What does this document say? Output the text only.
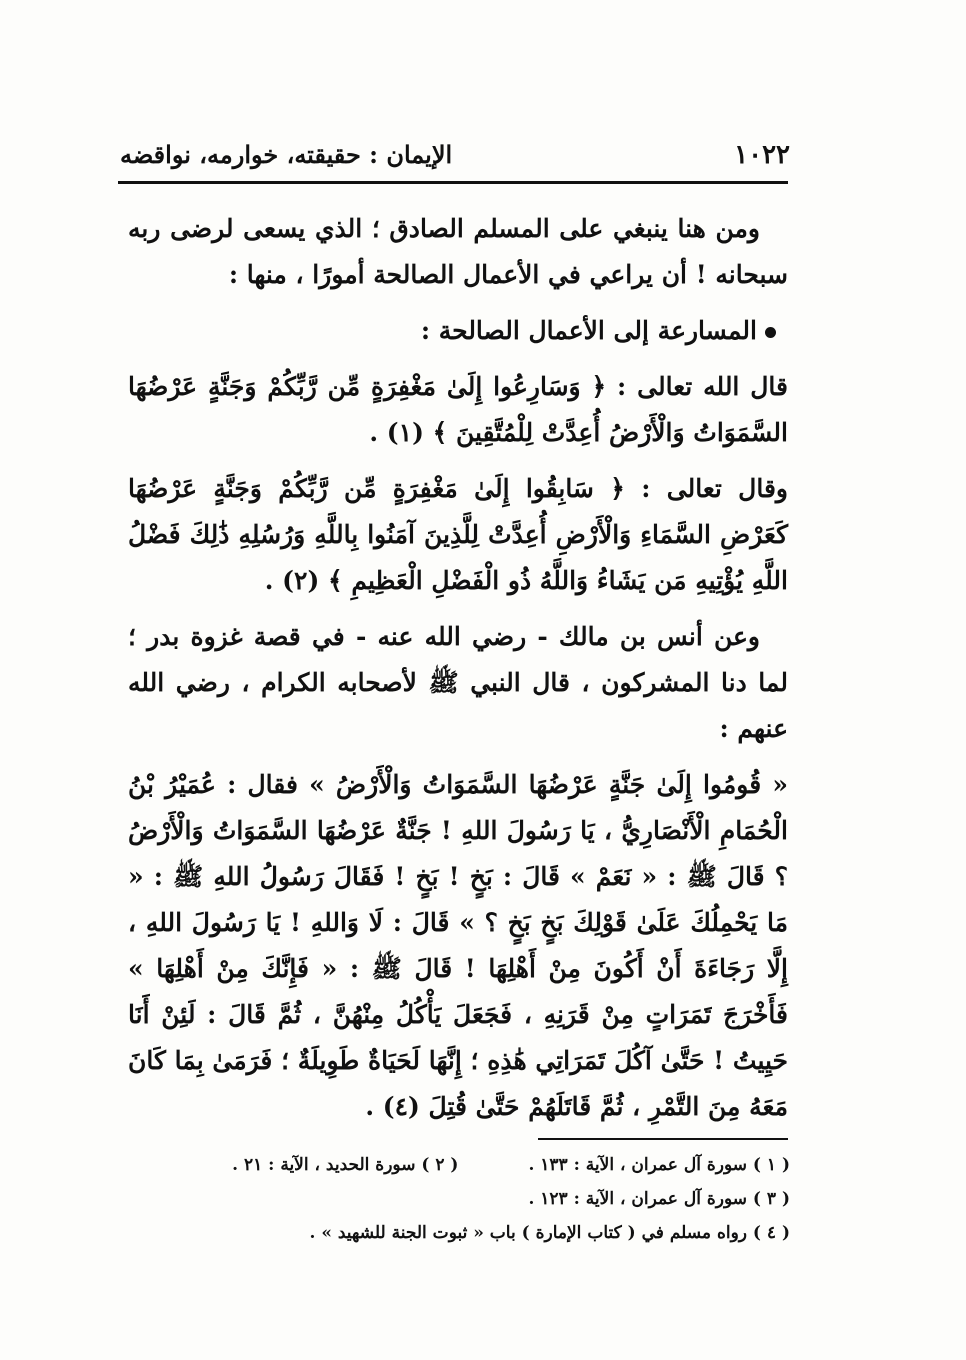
١٠٢٢
الإيمان : حقيقته، خوارمه، نواقضه

ومن هنا ينبغي على المسلم الصادق ؛ الذي يسعى لرضى ربه سبحانه ! أن يراعي في الأعمال الصالحة أمورًا ، منها :

المسارعة إلى الأعمال الصالحة :

قال الله تعالى : ﴿ وَسَارِعُوا إِلَىٰ مَغْفِرَةٍ مِّن رَّبِّكُمْ وَجَنَّةٍ عَرْضُهَا السَّمَوَاتُ وَالْأَرْضُ أُعِدَّتْ لِلْمُتَّقِينَ ﴾ (١) .

وقال تعالى : ﴿ سَابِقُوا إِلَىٰ مَغْفِرَةٍ مِّن رَّبِّكُمْ وَجَنَّةٍ عَرْضُهَا كَعَرْضِ السَّمَاءِ وَالْأَرْضِ أُعِدَّتْ لِلَّذِينَ آمَنُوا بِاللَّهِ وَرُسُلِهِ ذَٰلِكَ فَضْلُ اللَّهِ يُؤْتِيهِ مَن يَشَاءُ وَاللَّهُ ذُو الْفَضْلِ الْعَظِيمِ ﴾ (٢) .

وعن أنس بن مالك - رضي الله عنه - في قصة غزوة بدر ؛ لما دنا المشركون ، قال النبي ﷺ لأصحابه الكرام ، رضي الله عنهم :

« قُومُوا إِلَىٰ جَنَّةٍ عَرْضُهَا السَّمَوَاتُ وَالْأَرْضُ » فقال : عُمَيْرُ بْنُ الْحُمَامِ الْأَنْصَارِيُّ ، يَا رَسُولَ اللهِ ! جَنَّةٌ عَرْضُهَا السَّمَوَاتُ وَالْأَرْضُ ؟ قَالَ ﷺ : « نَعَمْ » قَالَ : بَخٍ ! بَخٍ ! فَقَالَ رَسُولُ اللهِ ﷺ : « مَا يَحْمِلُكَ عَلَىٰ قَوْلِكَ بَخٍ بَخٍ ؟ » قَالَ : لَا وَاللهِ ! يَا رَسُولَ اللهِ ، إِلَّا رَجَاءَةَ أَنْ أَكُونَ مِنْ أَهْلِهَا ! قَالَ ﷺ : « فَإِنَّكَ مِنْ أَهْلِهَا » فَأَخْرَجَ تَمَرَاتٍ مِنْ قَرَنِهِ ، فَجَعَلَ يَأْكُلُ مِنْهُنَّ ، ثُمَّ قَالَ : لَئِنْ أَنَا حَيِيتُ ! حَتَّىٰ آكُلَ تَمَرَاتِي هَٰذِهِ ؛ إِنَّهَا لَحَيَاةٌ طَوِيلَةٌ ؛ فَرَمَىٰ بِمَا كَانَ مَعَهُ مِنَ التَّمْرِ ، ثُمَّ قَاتَلَهُمْ حَتَّىٰ قُتِلَ (٤) .

( ١ ) سورة آل عمران ، الآية : ١٣٣ .
( ٢ ) سورة الحديد ، الآية : ٢١ .
( ٣ ) سورة آل عمران ، الآية : ١٢٣ .
( ٤ ) رواه مسلم في ( كتاب الإمارة ) باب « ثبوت الجنة للشهيد » .
